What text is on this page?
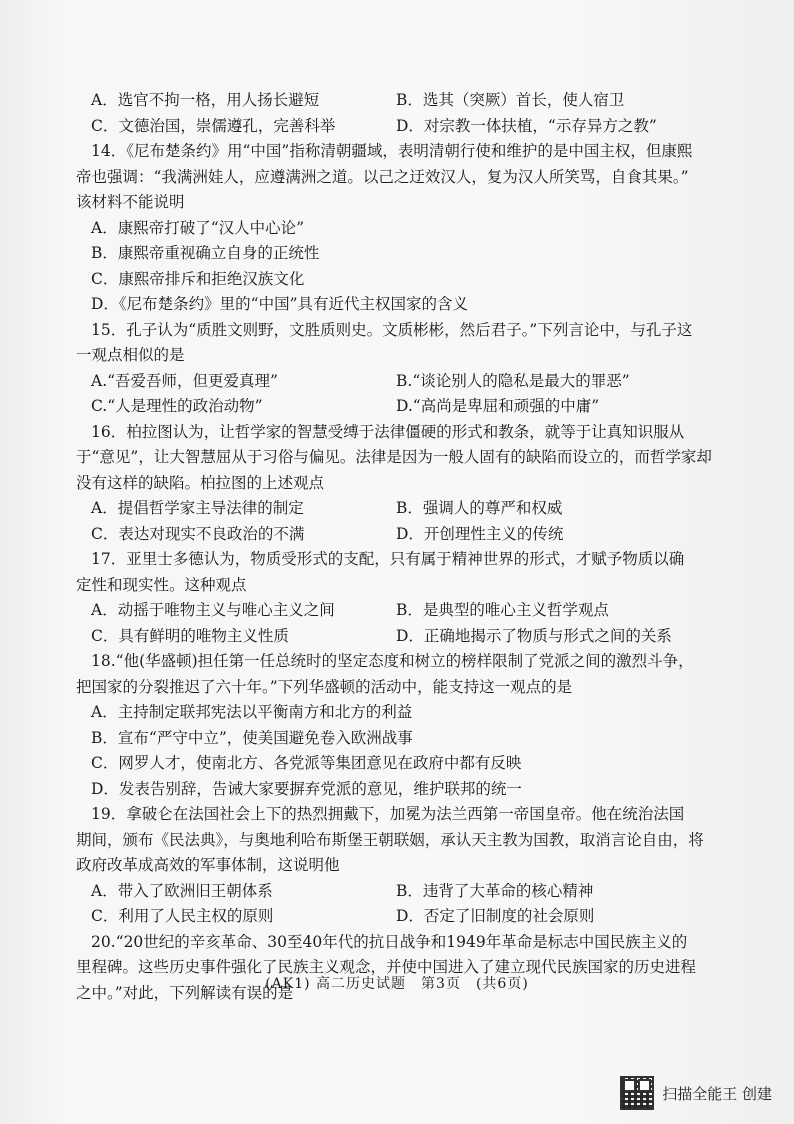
A．选官不拘一格，用人扬长避短	B．选其（突厥）首长，使人宿卫
C．文德治国，崇儒遵孔，完善科举	D．对宗教一体扶植，“示存异方之教”
14．《尼布楚条约》用“中国”指称清朝疆域，表明清朝行使和维护的是中国主权，但康熙
帝也强调：“我满洲娃人，应遵满洲之道。以己之迂效汉人，复为汉人所笑骂，自食其果。”
该材料不能说明
A．康熙帝打破了“汉人中心论”
B．康熙帝重视确立自身的正统性
C．康熙帝排斥和拒绝汉族文化
D．《尼布楚条约》里的“中国”具有近代主权国家的含义
15．孔子认为“质胜文则野，文胜质则史。文质彬彬，然后君子。”下列言论中，与孔子这
一观点相似的是
A.“吾爱吾师，但更爱真理”	B.“谈论别人的隐私是最大的罪恶”
C.“人是理性的政治动物”	D.“高尚是卑屈和顽强的中庸”
16．柏拉图认为，让哲学家的智慧受缚于法律僵硬的形式和教条，就等于让真知识服从
于“意见”，让大智慧屈从于习俗与偏见。法律是因为一般人固有的缺陷而设立的，而哲学家却
没有这样的缺陷。柏拉图的上述观点
A．提倡哲学家主导法律的制定	B．强调人的尊严和权威
C．表达对现实不良政治的不满	D．开创理性主义的传统
17．亚里士多德认为，物质受形式的支配，只有属于精神世界的形式，才赋予物质以确
定性和现实性。这种观点
A．动摇于唯物主义与唯心主义之间	B．是典型的唯心主义哲学观点
C．具有鲜明的唯物主义性质	D．正确地揭示了物质与形式之间的关系
18.“他(华盛顿)担任第一任总统时的坚定态度和树立的榜样限制了党派之间的激烈斗争，
把国家的分裂推迟了六十年。”下列华盛顿的活动中，能支持这一观点的是
A．主持制定联邦宪法以平衡南方和北方的利益
B．宣布“严守中立”，使美国避免卷入欧洲战事
C．网罗人才，使南北方、各党派等集团意见在政府中都有反映
D．发表告别辞，告诫大家要摒弃党派的意见，维护联邦的统一
19．拿破仑在法国社会上下的热烈拥戴下，加冕为法兰西第一帝国皇帝。他在统治法国
期间，颁布《民法典》，与奥地利哈布斯堡王朝联姻，承认天主教为国教，取消言论自由，将
政府改革成高效的军事体制，这说明他
A．带入了欧洲旧王朝体系	B．违背了大革命的核心精神
C．利用了人民主权的原则	D．否定了旧制度的社会原则
20.“20世纪的辛亥革命、30至40年代的抗日战争和1949年革命是标志中国民族主义的
里程碑。这些历史事件强化了民族主义观念，并使中国进入了建立现代民族国家的历史进程
之中。”对此，下列解读有误的是
(AK1) 高二历史试题　第3页　(共6页)
扫描全能王 创建
